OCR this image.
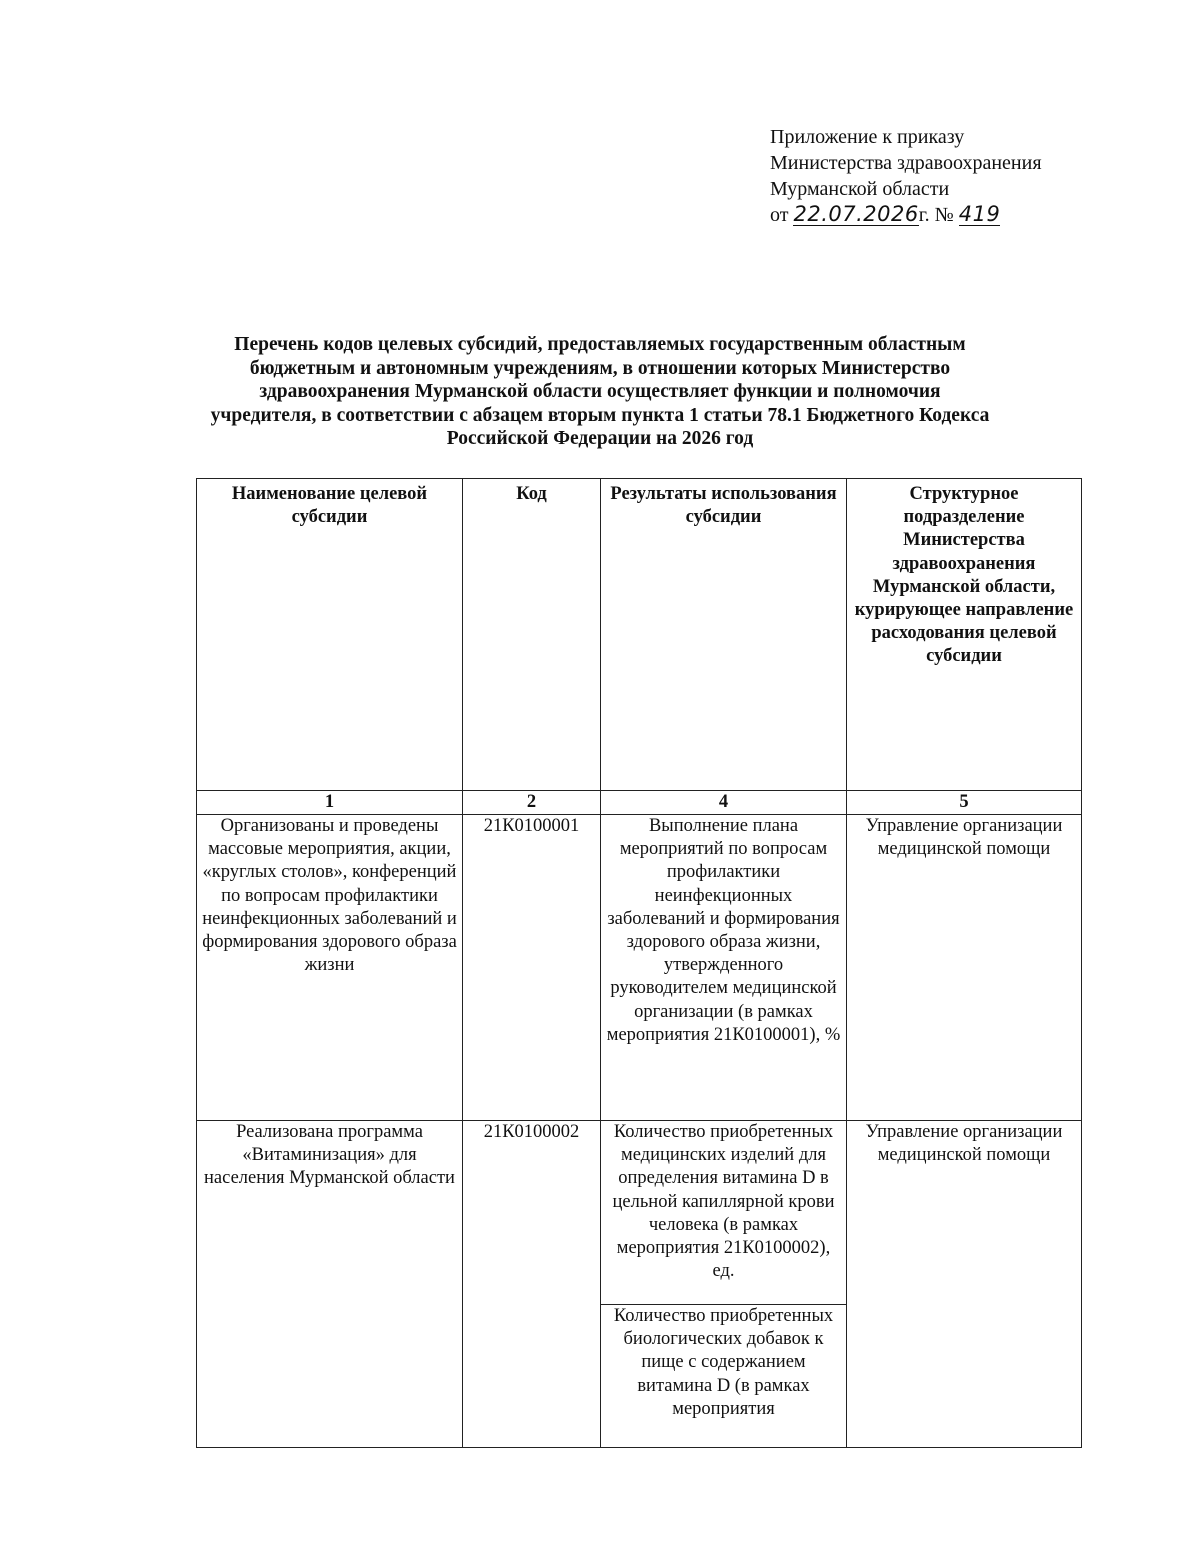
Приложение к приказу
Министерства здравоохранения
Мурманской области
от 22.07.2026г. № 419
Перечень кодов целевых субсидий, предоставляемых государственным областным бюджетным и автономным учреждениям, в отношении которых Министерство здравоохранения Мурманской области осуществляет функции и полномочия учредителя, в соответствии с абзацем вторым пункта 1 статьи 78.1 Бюджетного Кодекса Российской Федерации на 2026 год
Наименование целевой субсидии	Код	Результаты использования субсидии	Структурное подразделение Министерства здравоохранения Мурманской области, курирующее направление расходования целевой субсидии
1	2	4	5
Организованы и проведены массовые мероприятия, акции, «круглых столов», конференций по вопросам профилактики неинфекционных заболеваний и формирования здорового образа жизни	21К0100001	Выполнение плана мероприятий по вопросам профилактики неинфекционных заболеваний и формирования здорового образа жизни, утвержденного руководителем медицинской организации (в рамках мероприятия 21К0100001), %	Управление организации медицинской помощи
Реализована программа «Витаминизация» для населения Мурманской области	21К0100002	Количество приобретенных медицинских изделий для определения витамина D в цельной капиллярной крови человека (в рамках мероприятия 21К0100002), ед.	Управление организации медицинской помощи
		Количество приобретенных биологических добавок к пище с содержанием витамина D (в рамках мероприятия	
